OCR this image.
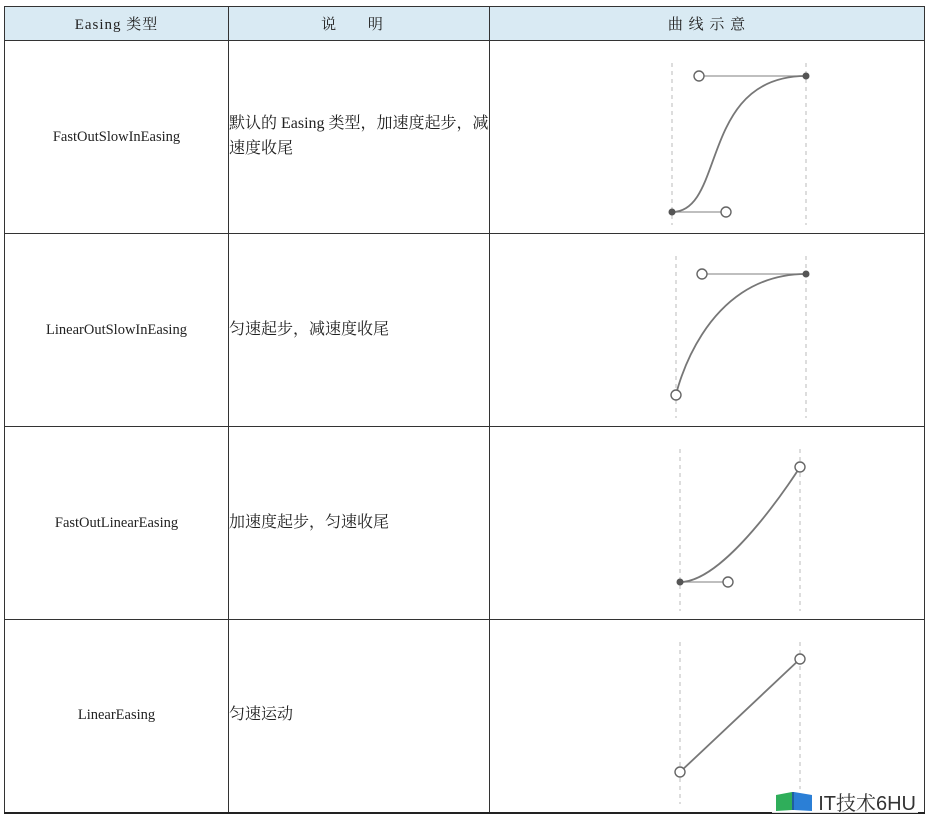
Easing 类型	说 明	曲 线 示 意
FastOutSlowInEasing	默认的 Easing 类型，加速度起步，减速度收尾	

LinearOutSlowInEasing	匀速起步，减速度收尾	

FastOutLinearEasing	加速度起步，匀速收尾	

LinearEasing	匀速运动	
IT技术6HU
